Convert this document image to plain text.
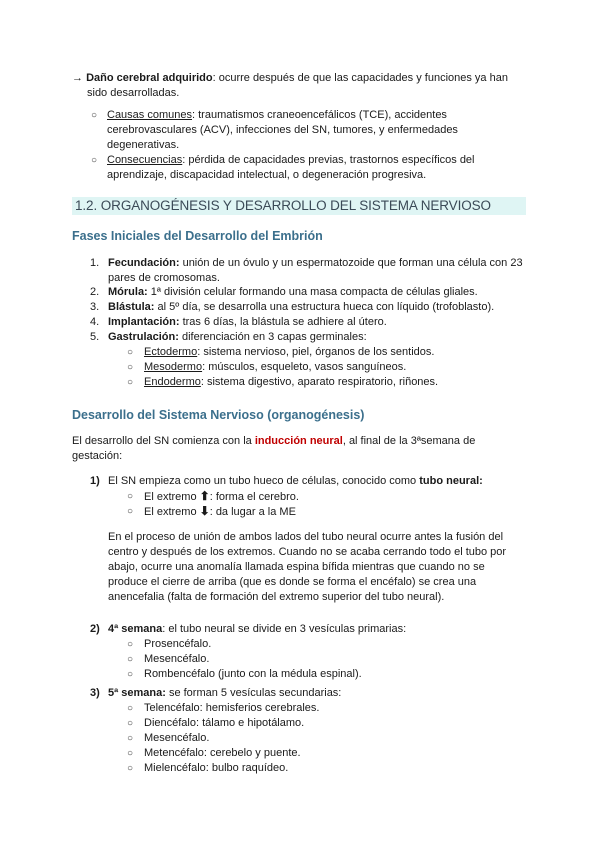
→ Daño cerebral adquirido: ocurre después de que las capacidades y funciones ya han
sido desarrolladas.
○ Causas comunes: traumatismos craneoencefálicos (TCE), accidentes
cerebrovasculares (ACV), infecciones del SN, tumores, y enfermedades
degenerativas.
○ Consecuencias: pérdida de capacidades previas, trastornos específicos del
aprendizaje, discapacidad intelectual, o degeneración progresiva.
1.2. ORGANOGÉNESIS Y DESARROLLO DEL SISTEMA NERVIOSO
Fases Iniciales del Desarrollo del Embrión
1. Fecundación: unión de un óvulo y un espermatozoide que forman una célula con 23
pares de cromosomas.
2. Mórula: 1ª división celular formando una masa compacta de células gliales.
3. Blástula: al 5º día, se desarrolla una estructura hueca con líquido (trofoblasto).
4. Implantación: tras 6 días, la blástula se adhiere al útero.
5. Gastrulación: diferenciación en 3 capas germinales:
○ Ectodermo: sistema nervioso, piel, órganos de los sentidos.
○ Mesodermo: músculos, esqueleto, vasos sanguíneos.
○ Endodermo: sistema digestivo, aparato respiratorio, riñones.
Desarrollo del Sistema Nervioso (organogénesis)
El desarrollo del SN comienza con la inducción neural, al final de la 3ªsemana de
gestación:
1) El SN empieza como un tubo hueco de células, conocido como tubo neural:
○ El extremo ⬆: forma el cerebro.
○ El extremo ⬇: da lugar a la ME
En el proceso de unión de ambos lados del tubo neural ocurre antes la fusión del
centro y después de los extremos. Cuando no se acaba cerrando todo el tubo por
abajo, ocurre una anomalía llamada espina bífida mientras que cuando no se
produce el cierre de arriba (que es donde se forma el encéfalo) se crea una
anencefalia (falta de formación del extremo superior del tubo neural).
2) 4ª semana: el tubo neural se divide en 3 vesículas primarias:
○ Prosencéfalo.
○ Mesencéfalo.
○ Rombencéfalo (junto con la médula espinal).
3) 5ª semana: se forman 5 vesículas secundarias:
○ Telencéfalo: hemisferios cerebrales.
○ Diencéfalo: tálamo e hipotálamo.
○ Mesencéfalo.
○ Metencéfalo: cerebelo y puente.
○ Mielencéfalo: bulbo raquídeo.
